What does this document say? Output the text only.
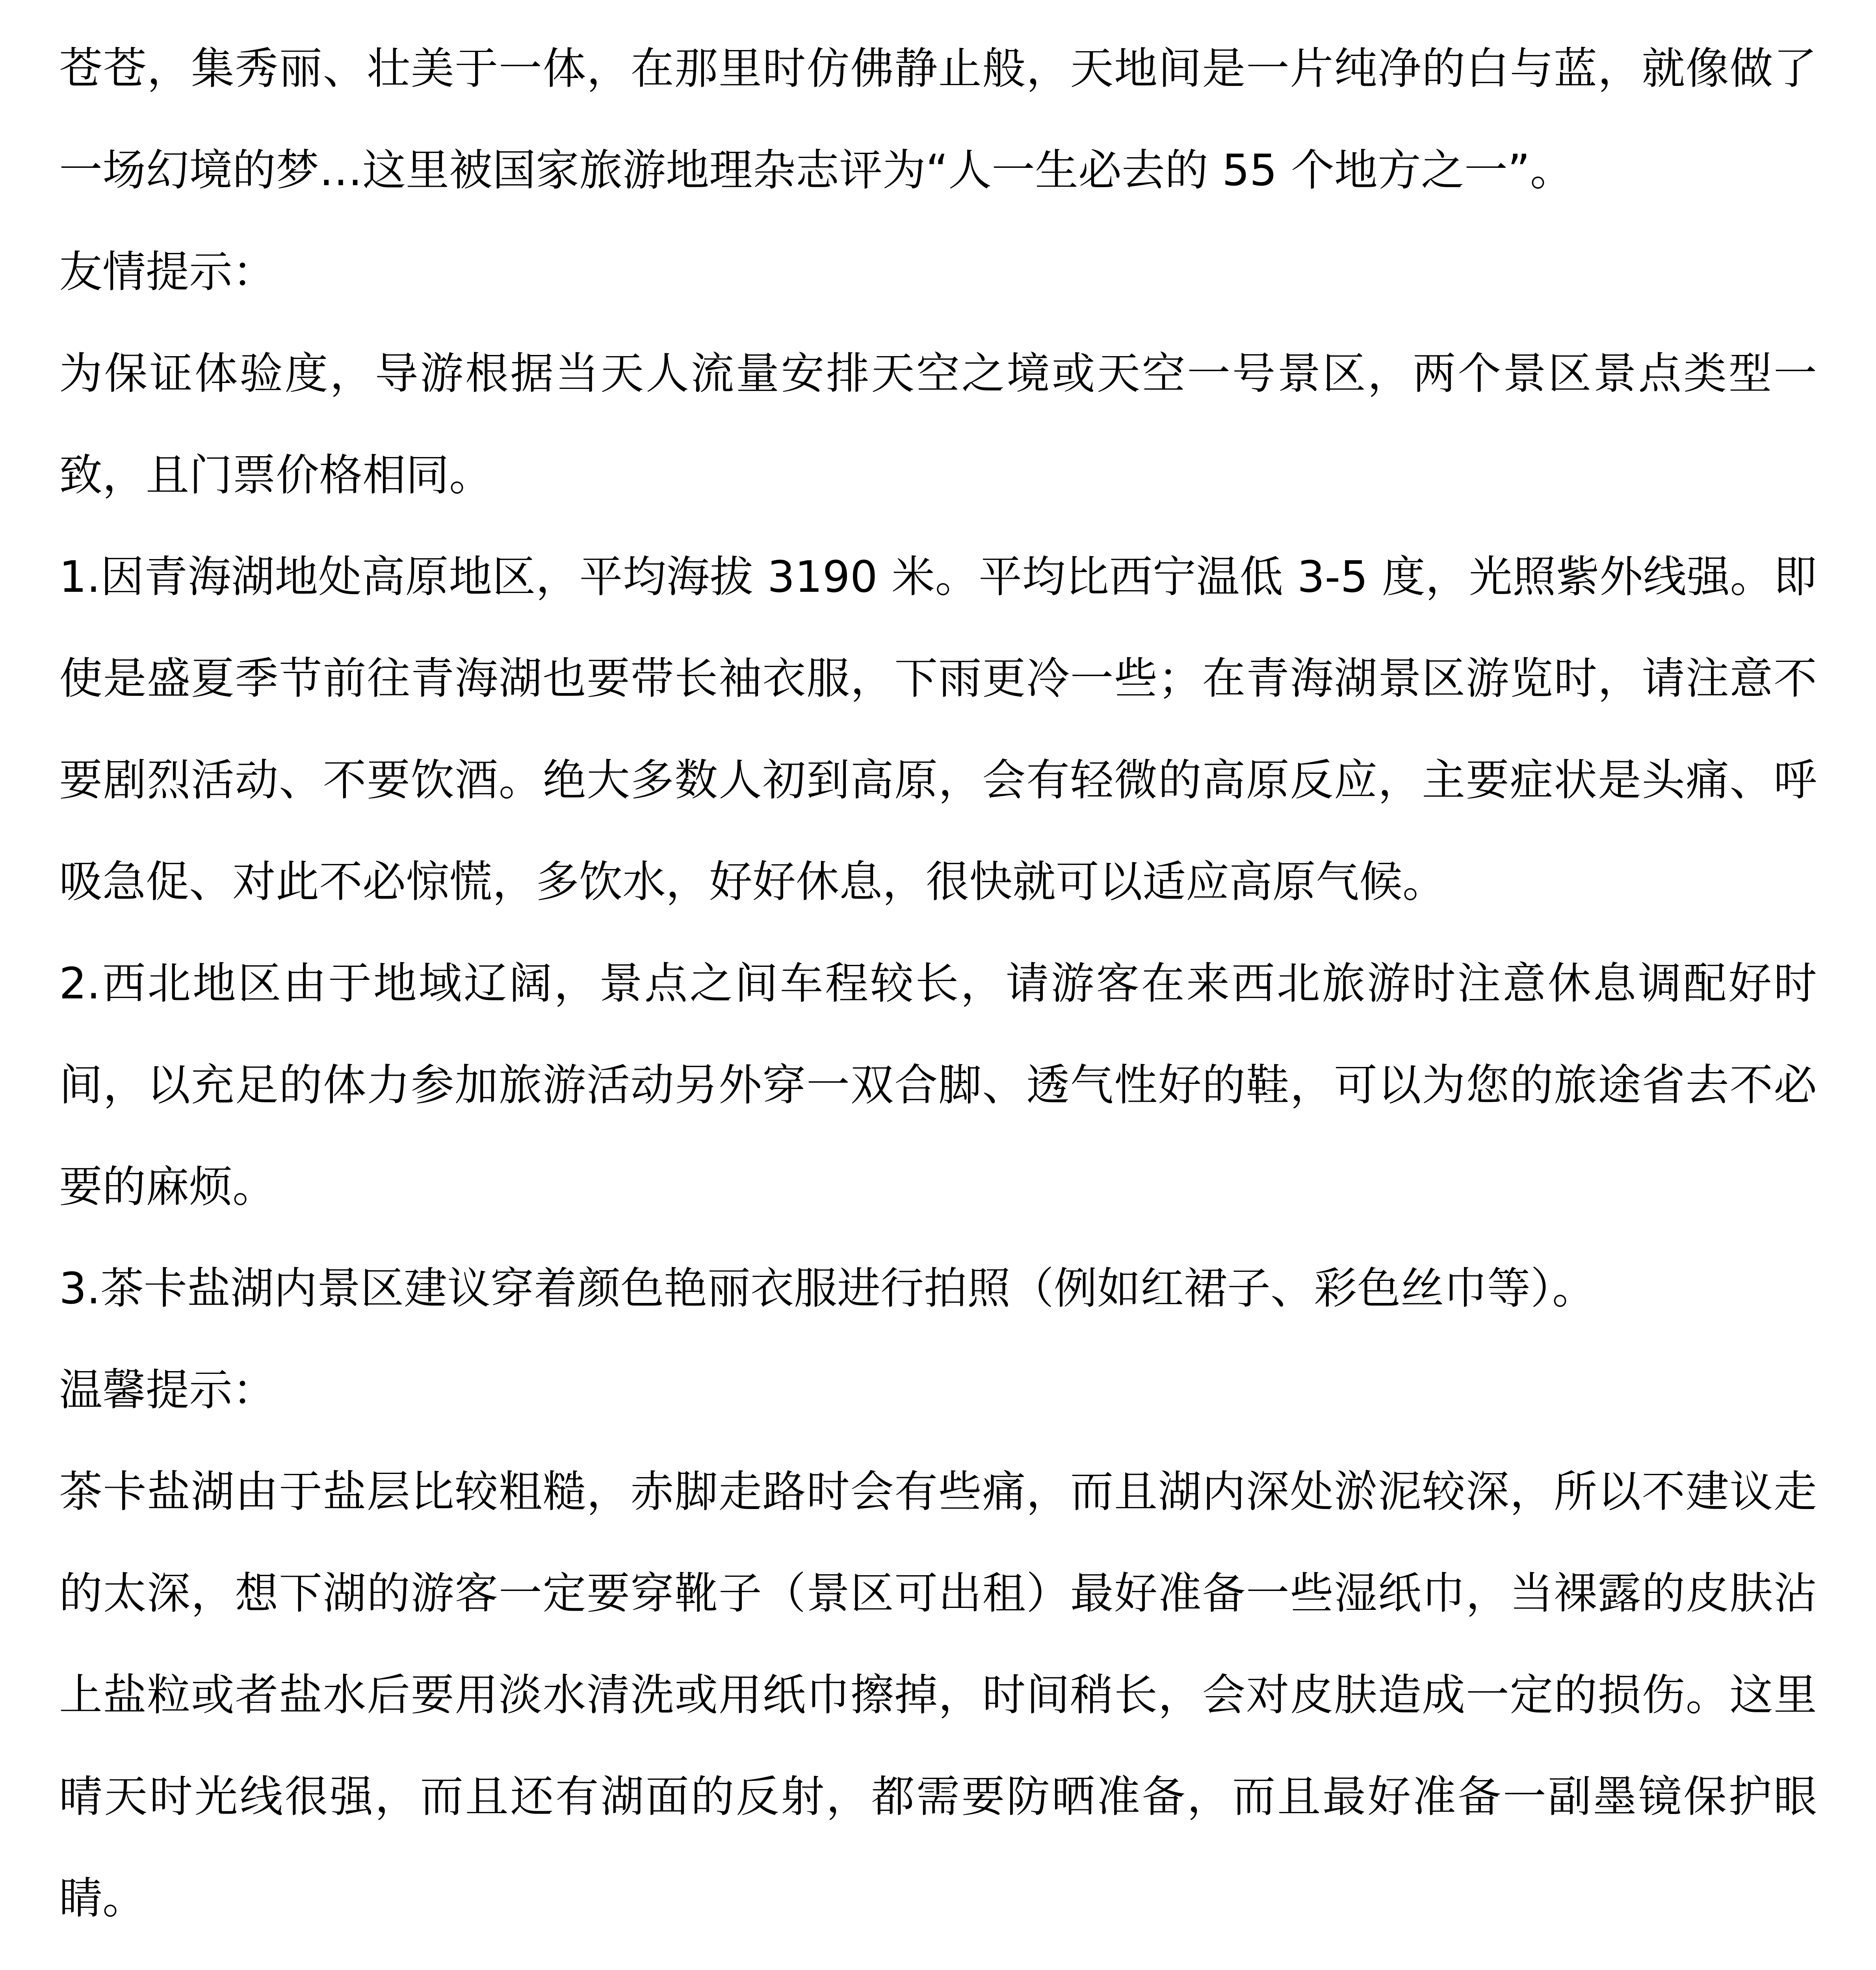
苍苍，集秀丽、壮美于一体，在那里时仿佛静止般，天地间是一片纯净的白与蓝，就像做了一场幻境的梦…这里被国家旅游地理杂志评为“人一生必去的 55 个地方之一”。

友情提示：

为保证体验度，导游根据当天人流量安排天空之境或天空一号景区，两个景区景点类型一致，且门票价格相同。

1.因青海湖地处高原地区，平均海拔 3190 米。平均比西宁温低 3-5 度，光照紫外线强。即使是盛夏季节前往青海湖也要带长袖衣服，下雨更冷一些；在青海湖景区游览时，请注意不要剧烈活动、不要饮酒。绝大多数人初到高原，会有轻微的高原反应，主要症状是头痛、呼吸急促、对此不必惊慌，多饮水，好好休息，很快就可以适应高原气候。

2.西北地区由于地域辽阔，景点之间车程较长，请游客在来西北旅游时注意休息调配好时间，以充足的体力参加旅游活动另外穿一双合脚、透气性好的鞋，可以为您的旅途省去不必要的麻烦。

3.茶卡盐湖内景区建议穿着颜色艳丽衣服进行拍照（例如红裙子、彩色丝巾等）。

温馨提示：

茶卡盐湖由于盐层比较粗糙，赤脚走路时会有些痛，而且湖内深处淤泥较深，所以不建议走的太深，想下湖的游客一定要穿靴子（景区可出租）最好准备一些湿纸巾，当裸露的皮肤沾上盐粒或者盐水后要用淡水清洗或用纸巾擦掉，时间稍长，会对皮肤造成一定的损伤。这里晴天时光线很强，而且还有湖面的反射，都需要防晒准备，而且最好准备一副墨镜保护眼睛。
